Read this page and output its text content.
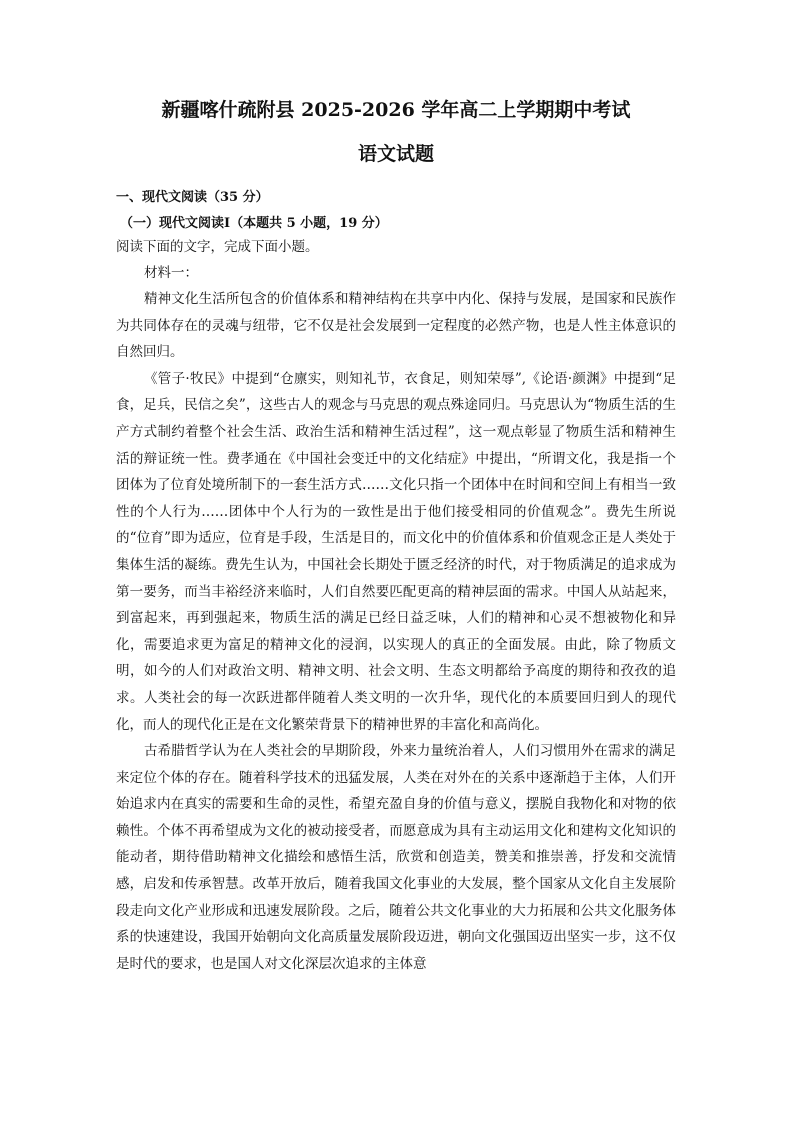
新疆喀什疏附县 2025-2026 学年高二上学期期中考试
语文试题
一、现代文阅读（35 分）
（一）现代文阅读Ⅰ（本题共 5 小题，19 分）
阅读下面的文字，完成下面小题。
材料一：

精神文化生活所包含的价值体系和精神结构在共享中内化、保持与发展，是国家和民族作为共同体存在的灵魂与纽带，它不仅是社会发展到一定程度的必然产物，也是人性主体意识的自然回归。

《管子·牧民》中提到“仓廪实，则知礼节，衣食足，则知荣辱”,《论语·颜渊》中提到“足食，足兵，民信之矣”，这些古人的观念与马克思的观点殊途同归。马克思认为“物质生活的生产方式制约着整个社会生活、政治生活和精神生活过程”，这一观点彰显了物质生活和精神生活的辩证统一性。费孝通在《中国社会变迁中的文化结症》中提出，“所谓文化，我是指一个团体为了位育处境所制下的一套生活方式……文化只指一个团体中在时间和空间上有相当一致性的个人行为……团体中个人行为的一致性是出于他们接受相同的价值观念”。费先生所说的“位育”即为适应，位育是手段，生活是目的，而文化中的价值体系和价值观念正是人类处于集体生活的凝练。费先生认为，中国社会长期处于匮乏经济的时代，对于物质满足的追求成为第一要务，而当丰裕经济来临时，人们自然要匹配更高的精神层面的需求。中国人从站起来，到富起来，再到强起来，物质生活的满足已经日益乏味，人们的精神和心灵不想被物化和异化，需要追求更为富足的精神文化的浸润，以实现人的真正的全面发展。由此，除了物质文明，如今的人们对政治文明、精神文明、社会文明、生态文明都给予高度的期待和孜孜的追求。人类社会的每一次跃进都伴随着人类文明的一次升华，现代化的本质要回归到人的现代化，而人的现代化正是在文化繁荣背景下的精神世界的丰富化和高尚化。

古希腊哲学认为在人类社会的早期阶段，外来力量统治着人，人们习惯用外在需求的满足来定位个体的存在。随着科学技术的迅猛发展，人类在对外在的关系中逐渐趋于主体，人们开始追求内在真实的需要和生命的灵性，希望充盈自身的价值与意义，摆脱自我物化和对物的依赖性。个体不再希望成为文化的被动接受者，而愿意成为具有主动运用文化和建构文化知识的能动者，期待借助精神文化描绘和感悟生活，欣赏和创造美，赞美和推崇善，抒发和交流情感，启发和传承智慧。改革开放后，随着我国文化事业的大发展，整个国家从文化自主发展阶段走向文化产业形成和迅速发展阶段。之后，随着公共文化事业的大力拓展和公共文化服务体系的快速建设，我国开始朝向文化高质量发展阶段迈进，朝向文化强国迈出坚实一步，这不仅是时代的要求，也是国人对文化深层次追求的主体意
